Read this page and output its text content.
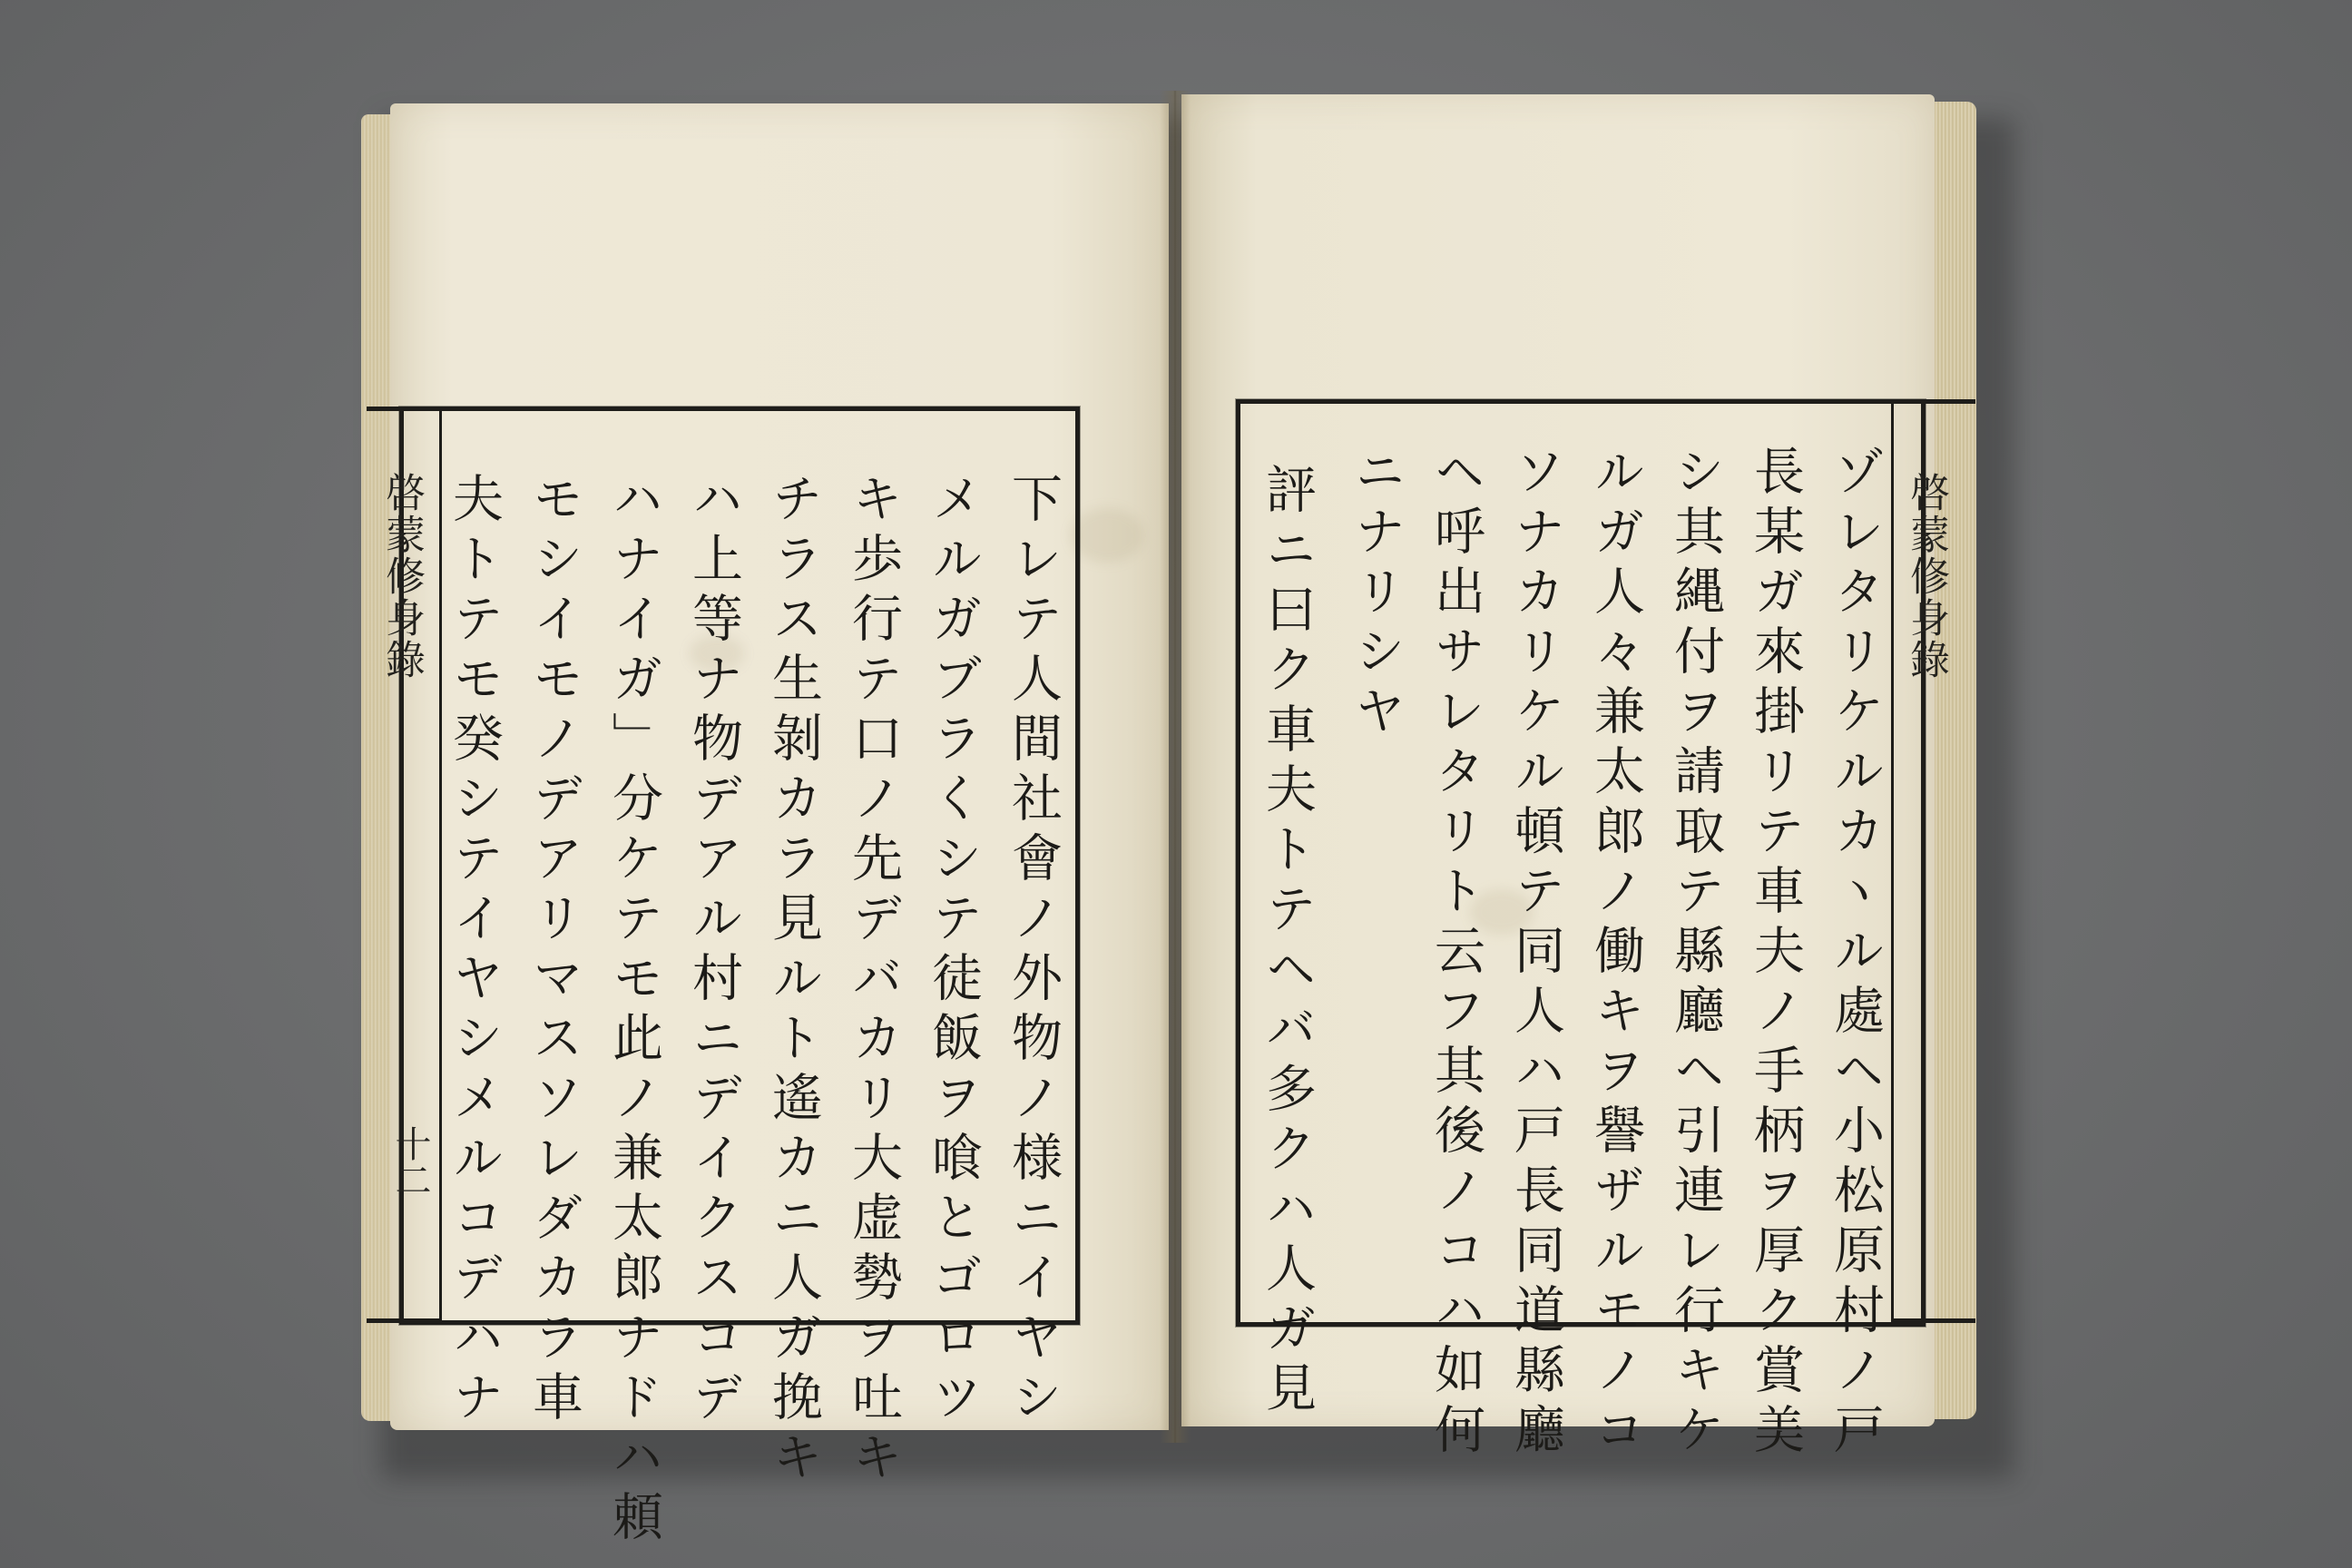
啓蒙修身錄
十二	下レテ人間社會ノ外物ノ様ニイヤシ
メルガブラくシテ徒飯ヲ喰とゴロツ
キ歩行テ口ノ先デバカリ大虚勢ヲ吐キ
チラス生剝カラ見ルト遙カニ人ガ挽キ
ハ上等ナ物デアル村ニデイクスコデ
ハナイガ」分ケテモ此ノ兼太郎ナドハ頼
モシイモノデアリマスソレダカラ車
夫トテモ癸シテイヤシメルコデハナ	啓蒙修身錄
ゾレタリケルカヽル處ヘ小松原村ノ戸
長某ガ來掛リテ車夫ノ手柄ヲ厚ク賞美
シ其縄付ヲ請取テ縣廳ヘ引連レ行キケ
ルガ人々兼太郎ノ働キヲ譽ザルモノコ
ソナカリケル頓テ同人ハ戸長同道縣廳
ヘ呼出サレタリト云フ其後ノコハ如何
ニナリシヤ
評ニ曰ク車夫トテヘバ多クハ人ガ見
